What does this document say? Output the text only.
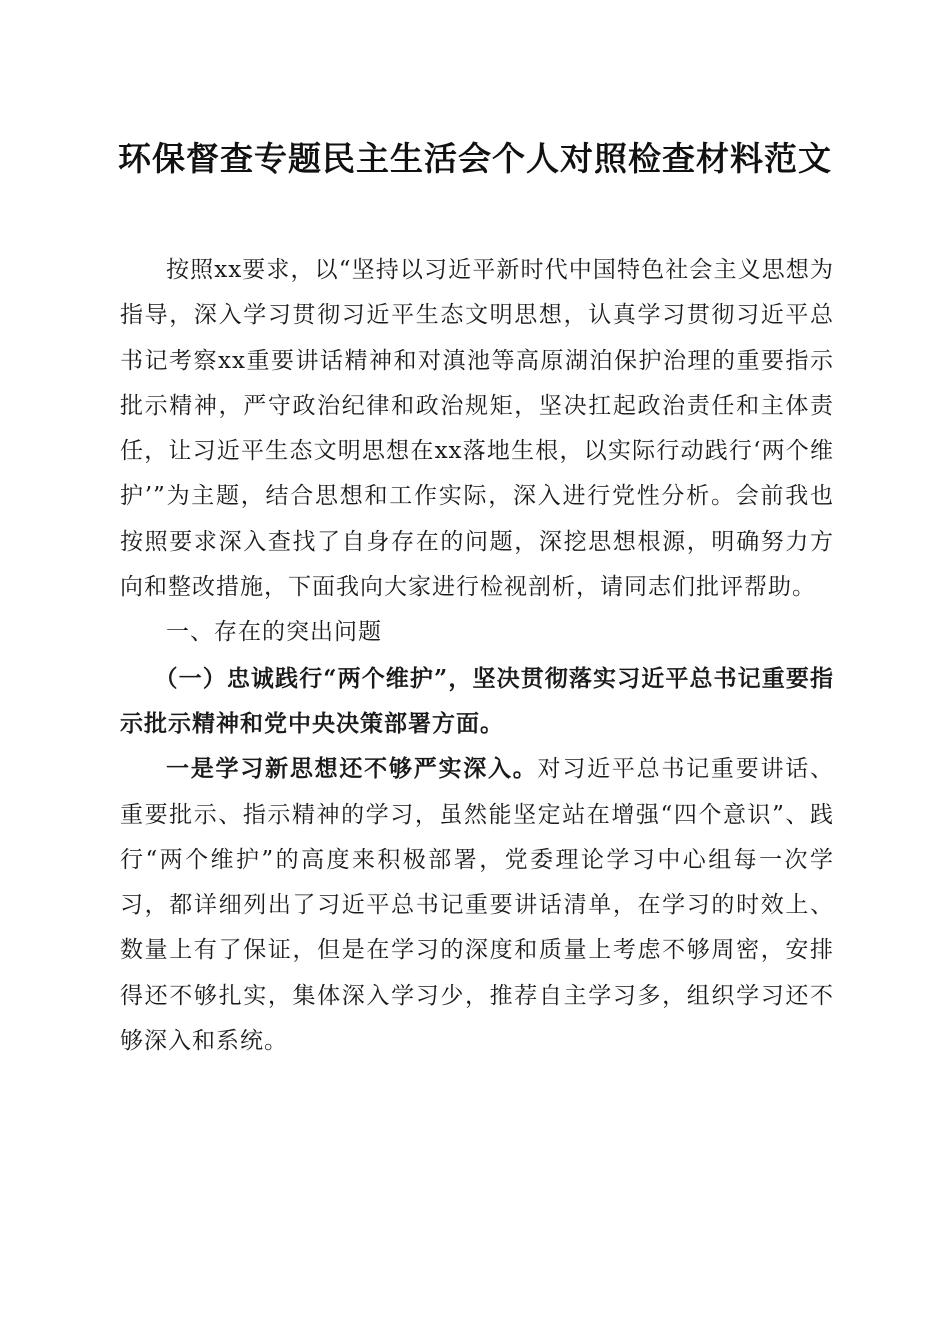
环保督查专题民主生活会个人对照检查材料范文

按照xx要求，以“坚持以习近平新时代中国特色社会主义思想为指导，深入学习贯彻习近平生态文明思想，认真学习贯彻习近平总书记考察xx重要讲话精神和对滇池等高原湖泊保护治理的重要指示批示精神，严守政治纪律和政治规矩，坚决扛起政治责任和主体责任，让习近平生态文明思想在xx落地生根，以实际行动践行‘两个维护’”为主题，结合思想和工作实际，深入进行党性分析。会前我也按照要求深入查找了自身存在的问题，深挖思想根源，明确努力方向和整改措施，下面我向大家进行检视剖析，请同志们批评帮助。

一、存在的突出问题

（一）忠诚践行“两个维护”，坚决贯彻落实习近平总书记重要指示批示精神和党中央决策部署方面。

一是学习新思想还不够严实深入。对习近平总书记重要讲话、重要批示、指示精神的学习，虽然能坚定站在增强“四个意识”、践行“两个维护”的高度来积极部署，党委理论学习中心组每一次学习，都详细列出了习近平总书记重要讲话清单，在学习的时效上、数量上有了保证，但是在学习的深度和质量上考虑不够周密，安排得还不够扎实，集体深入学习少，推荐自主学习多，组织学习还不够深入和系统。
